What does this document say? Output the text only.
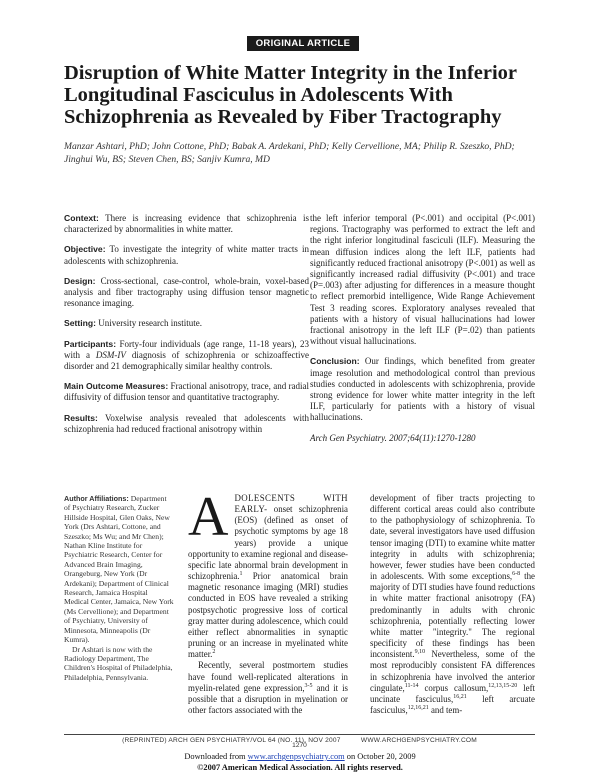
ORIGINAL ARTICLE
Disruption of White Matter Integrity in the Inferior Longitudinal Fasciculus in Adolescents With Schizophrenia as Revealed by Fiber Tractography
Manzar Ashtari, PhD; John Cottone, PhD; Babak A. Ardekani, PhD; Kelly Cervellione, MA; Philip R. Szeszko, PhD; Jinghui Wu, BS; Steven Chen, BS; Sanjiv Kumra, MD

Context: There is increasing evidence that schizophrenia is characterized by abnormalities in white matter.

Objective: To investigate the integrity of white matter tracts in adolescents with schizophrenia.

Design: Cross-sectional, case-control, whole-brain, voxel-based analysis and fiber tractography using diffusion tensor magnetic resonance imaging.

Setting: University research institute.

Participants: Forty-four individuals (age range, 11-18 years), 23 with a DSM-IV diagnosis of schizophrenia or schizoaffective disorder and 21 demographically similar healthy controls.

Main Outcome Measures: Fractional anisotropy, trace, and radial diffusivity of diffusion tensor and quantitative tractography.

Results: Voxelwise analysis revealed that adolescents with schizophrenia had reduced fractional anisotropy within

the left inferior temporal (P<.001) and occipital (P<.001) regions. Tractography was performed to extract the left and the right inferior longitudinal fasciculi (ILF). Measuring the mean diffusion indices along the left ILF, patients had significantly reduced fractional anisotropy (P<.001) as well as significantly increased radial diffusivity (P<.001) and trace (P=.003) after adjusting for differences in a measure thought to reflect premorbid intelligence, Wide Range Achievement Test 3 reading scores. Exploratory analyses revealed that patients with a history of visual hallucinations had lower fractional anisotropy in the left ILF (P=.02) than patients without visual hallucinations.

Conclusion: Our findings, which benefited from greater image resolution and methodological control than previous studies conducted in adolescents with schizophrenia, provide strong evidence for lower white matter integrity in the left ILF, particularly for patients with a history of visual hallucinations.

Arch Gen Psychiatry. 2007;64(11):1270-1280

Author Affiliations: Department of Psychiatry Research, Zucker Hillside Hospital, Glen Oaks, New York (Drs Ashtari, Cottone, and Szeszko; Ms Wu; and Mr Chen); Nathan Kline Institute for Psychiatric Research, Center for Advanced Brain Imaging, Orangeburg, New York (Dr Ardekani); Department of Clinical Research, Jamaica Hospital Medical Center, Jamaica, New York (Ms Cervellione); and Department of Psychiatry, University of Minnesota, Minneapolis (Dr Kumra).

Dr Ashtari is now with the Radiology Department, The Children's Hospital of Philadelphia, Philadelphia, Pennsylvania.

ADOLESCENTS WITH EARLY- onset schizophrenia (EOS) (defined as onset of psychotic symptoms by age 18 years) provide a unique opportunity to examine regional and disease-specific late abnormal brain development in schizophrenia.$^1$ Prior anatomical brain magnetic resonance imaging (MRI) studies conducted in EOS have revealed a striking postpsychotic progressive loss of cortical gray matter during adolescence, which could either reflect abnormalities in synaptic pruning or an increase in myelinated white matter.$^2$

Recently, several postmortem studies have found well-replicated alterations in myelin-related gene expression,$^{3-5}$ and it is possible that a disruption in myelination or other factors associated with the

development of fiber tracts projecting to different cortical areas could also contribute to the pathophysiology of schizophrenia. To date, several investigators have used diffusion tensor imaging (DTI) to examine white matter integrity in adults with schizophrenia; however, fewer studies have been conducted in adolescents. With some exceptions,$^{6-8}$ the majority of DTI studies have found reductions in white matter fractional anisotropy (FA) predominantly in adults with chronic schizophrenia, potentially reflecting lower white matter "integrity." The regional specificity of these findings has been inconsistent.$^{9,10}$ Nevertheless, some of the most reproducibly consistent FA differences in schizophrenia have involved the anterior cingulate,$^{11-14}$ corpus callosum,$^{12,13,15-20}$ left uncinate fasciculus,$^{16,21}$ left arcuate fasciculus,$^{12,16,21}$ and tem-

(REPRINTED) ARCH GEN PSYCHIATRY/VOL 64 (NO. 11), NOV 2007          WWW.ARCHGENPSYCHIATRY.COM
1270
Downloaded from www.archgenpsychiatry.com on October 20, 2009
©2007 American Medical Association. All rights reserved.
